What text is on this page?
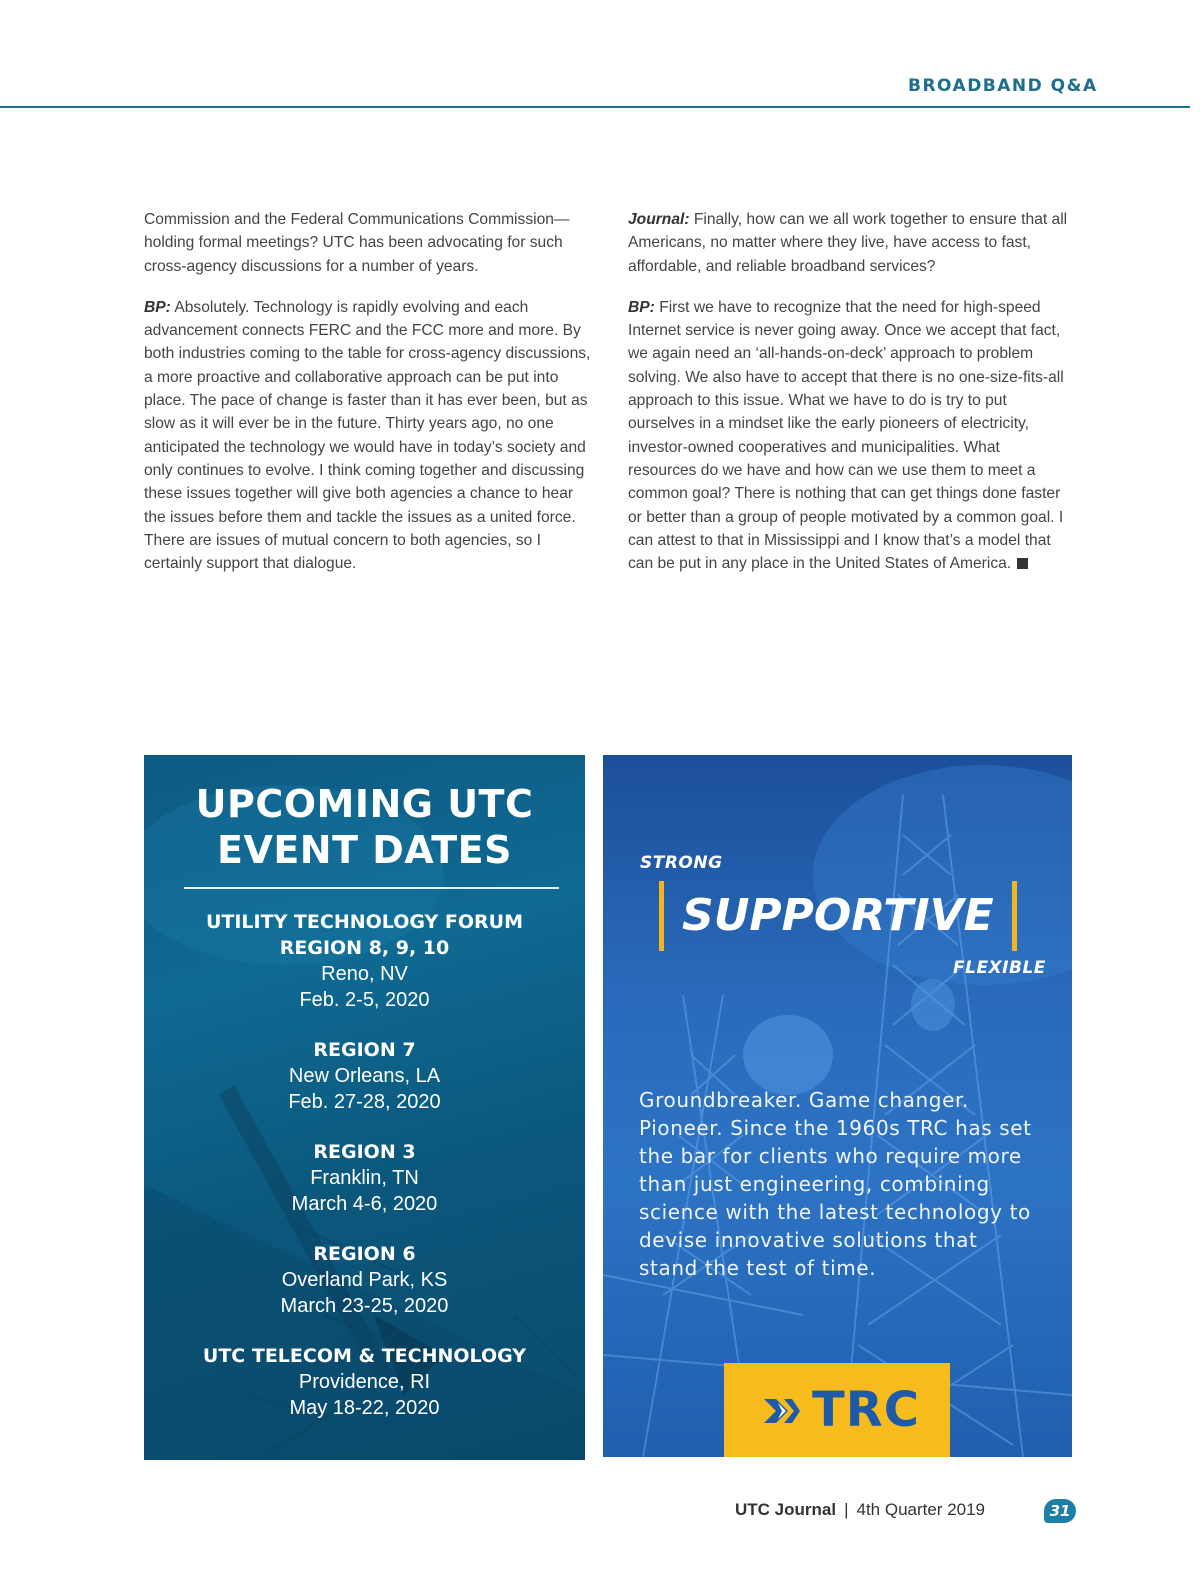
BROADBAND Q&A

Commission and the Federal Communications Commission—holding formal meetings? UTC has been advocating for such cross-agency discussions for a number of years.

BP: Absolutely. Technology is rapidly evolving and each advancement connects FERC and the FCC more and more. By both industries coming to the table for cross-agency discussions, a more proactive and collaborative approach can be put into place. The pace of change is faster than it has ever been, but as slow as it will ever be in the future. Thirty years ago, no one anticipated the technology we would have in today’s society and only continues to evolve. I think coming together and discussing these issues together will give both agencies a chance to hear the issues before them and tackle the issues as a united force. There are issues of mutual concern to both agencies, so I certainly support that dialogue.

Journal: Finally, how can we all work together to ensure that all Americans, no matter where they live, have access to fast, affordable, and reliable broadband services?

BP: First we have to recognize that the need for high-speed Internet service is never going away. Once we accept that fact, we again need an ‘all-hands-on-deck’ approach to problem solving. We also have to accept that there is no one-size-fits-all approach to this issue. What we have to do is try to put ourselves in a mindset like the early pioneers of electricity, investor-owned cooperatives and municipalities. What resources do we have and how can we use them to meet a common goal? There is nothing that can get things done faster or better than a group of people motivated by a common goal. I can attest to that in Mississippi and I know that’s a model that can be put in any place in the United States of America.

UPCOMING UTC
EVENT DATES
UTILITY TECHNOLOGY FORUM
REGION 8, 9, 10
Reno, NV
Feb. 2-5, 2020
REGION 7
New Orleans, LA
Feb. 27-28, 2020
REGION 3
Franklin, TN
March 4-6, 2020
REGION 6
Overland Park, KS
March 23-25, 2020
UTC TELECOM & TECHNOLOGY
Providence, RI
May 18-22, 2020
STRONG
SUPPORTIVE
FLEXIBLE
Groundbreaker. Game changer. Pioneer. Since the 1960s TRC has set the bar for clients who require more than just engineering, combining science with the latest technology to devise innovative solutions that stand the test of time.
TRC
UTC Journal | 4th Quarter 2019	31
